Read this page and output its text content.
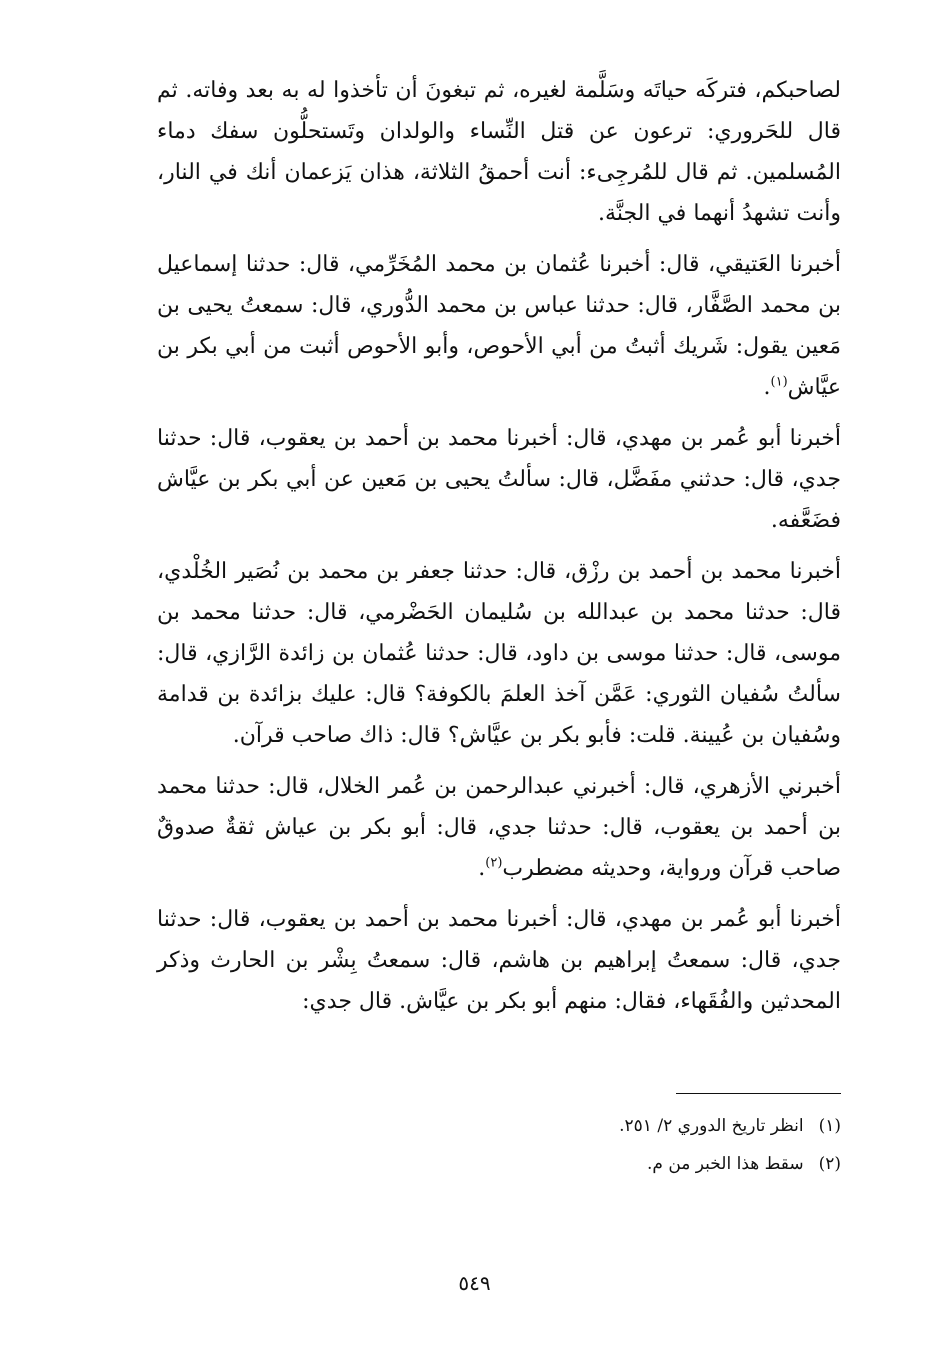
لصاحبكم، فتركَه حياتَه وسَلَّمة لغيره، ثم تبغونَ أن تأخذوا له به بعد وفاته. ثم قال للحَروري: ترعون عن قتل النِّساء والولدان وتَستحلُّون سفك دماء المُسلمين. ثم قال للمُرجِىء: أنت أحمقُ الثلاثة، هذان يَزعمان أنك في النار، وأنت تشهدُ أنهما في الجنَّة.

أخبرنا العَتيقي، قال: أخبرنا عُثمان بن محمد المُخَرِّمي، قال: حدثنا إسماعيل بن محمد الصَّفَّار، قال: حدثنا عباس بن محمد الدُّوري، قال: سمعتُ يحيى بن مَعين يقول: شَريك أثبتُ من أبي الأحوص، وأبو الأحوص أثبت من أبي بكر بن عيَّاش$^{(١)}$.

أخبرنا أبو عُمر بن مهدي، قال: أخبرنا محمد بن أحمد بن يعقوب، قال: حدثنا جدي، قال: حدثني مفَضَّل، قال: سألتُ يحيى بن مَعين عن أبي بكر بن عيَّاش فضَعَّفه.

أخبرنا محمد بن أحمد بن رزْق، قال: حدثنا جعفر بن محمد بن نُصَير الخُلْدي، قال: حدثنا محمد بن عبدالله بن سُليمان الحَضْرمي، قال: حدثنا محمد بن موسى، قال: حدثنا موسى بن داود، قال: حدثنا عُثمان بن زائدة الرَّازي، قال: سألتُ سُفيان الثوري: عَمَّن آخذ العلمَ بالكوفة؟ قال: عليك بزائدة بن قدامة وسُفيان بن عُيينة. قلت: فأبو بكر بن عيَّاش؟ قال: ذاك صاحب قرآن.

أخبرني الأزهري، قال: أخبرني عبدالرحمن بن عُمر الخلال، قال: حدثنا محمد بن أحمد بن يعقوب، قال: حدثنا جدي، قال: أبو بكر بن عياش ثقةٌ صدوقٌ صاحب قرآن ورواية، وحديثه مضطرب$^{(٢)}$.

أخبرنا أبو عُمر بن مهدي، قال: أخبرنا محمد بن أحمد بن يعقوب، قال: حدثنا جدي، قال: سمعتُ إبراهيم بن هاشم، قال: سمعتُ بِشْر بن الحارث وذكر المحدثين والفُقَهاء، فقال: منهم أبو بكر بن عيَّاش. قال جدي:

(١) انظر تاريخ الدوري ٢/ ٢٥١.
(٢) سقط هذا الخبر من م.
٥٤٩
